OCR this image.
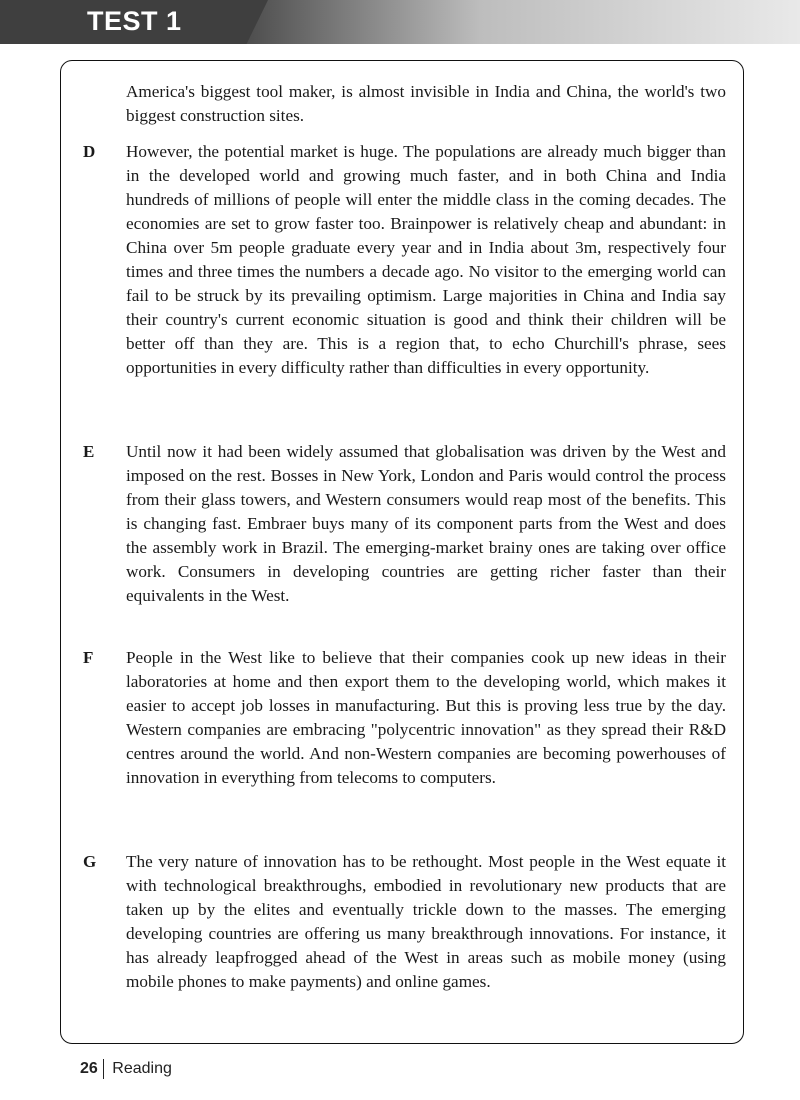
TEST 1

America's biggest tool maker, is almost invisible in India and China, the world's two biggest construction sites.

D However, the potential market is huge. The populations are already much bigger than in the developed world and growing much faster, and in both China and India hundreds of millions of people will enter the middle class in the coming decades. The economies are set to grow faster too. Brainpower is relatively cheap and abundant: in China over 5m people graduate every year and in India about 3m, respectively four times and three times the numbers a decade ago. No visitor to the emerging world can fail to be struck by its prevailing optimism. Large majorities in China and India say their country's current economic situation is good and think their children will be better off than they are. This is a region that, to echo Churchill's phrase, sees opportunities in every difficulty rather than difficulties in every opportunity.

E Until now it had been widely assumed that globalisation was driven by the West and imposed on the rest. Bosses in New York, London and Paris would control the process from their glass towers, and Western consumers would reap most of the benefits. This is changing fast. Embraer buys many of its component parts from the West and does the assembly work in Brazil. The emerging-market brainy ones are taking over office work. Consumers in developing countries are getting richer faster than their equivalents in the West.

F People in the West like to believe that their companies cook up new ideas in their laboratories at home and then export them to the developing world, which makes it easier to accept job losses in manufacturing. But this is proving less true by the day. Western companies are embracing "polycentric innovation" as they spread their R&D centres around the world. And non-Western companies are becoming powerhouses of innovation in everything from telecoms to computers.

G The very nature of innovation has to be rethought. Most people in the West equate it with technological breakthroughs, embodied in revolutionary new products that are taken up by the elites and eventually trickle down to the masses. The emerging developing countries are offering us many breakthrough innovations. For instance, it has already leapfrogged ahead of the West in areas such as mobile money (using mobile phones to make payments) and online games.

26 Reading
